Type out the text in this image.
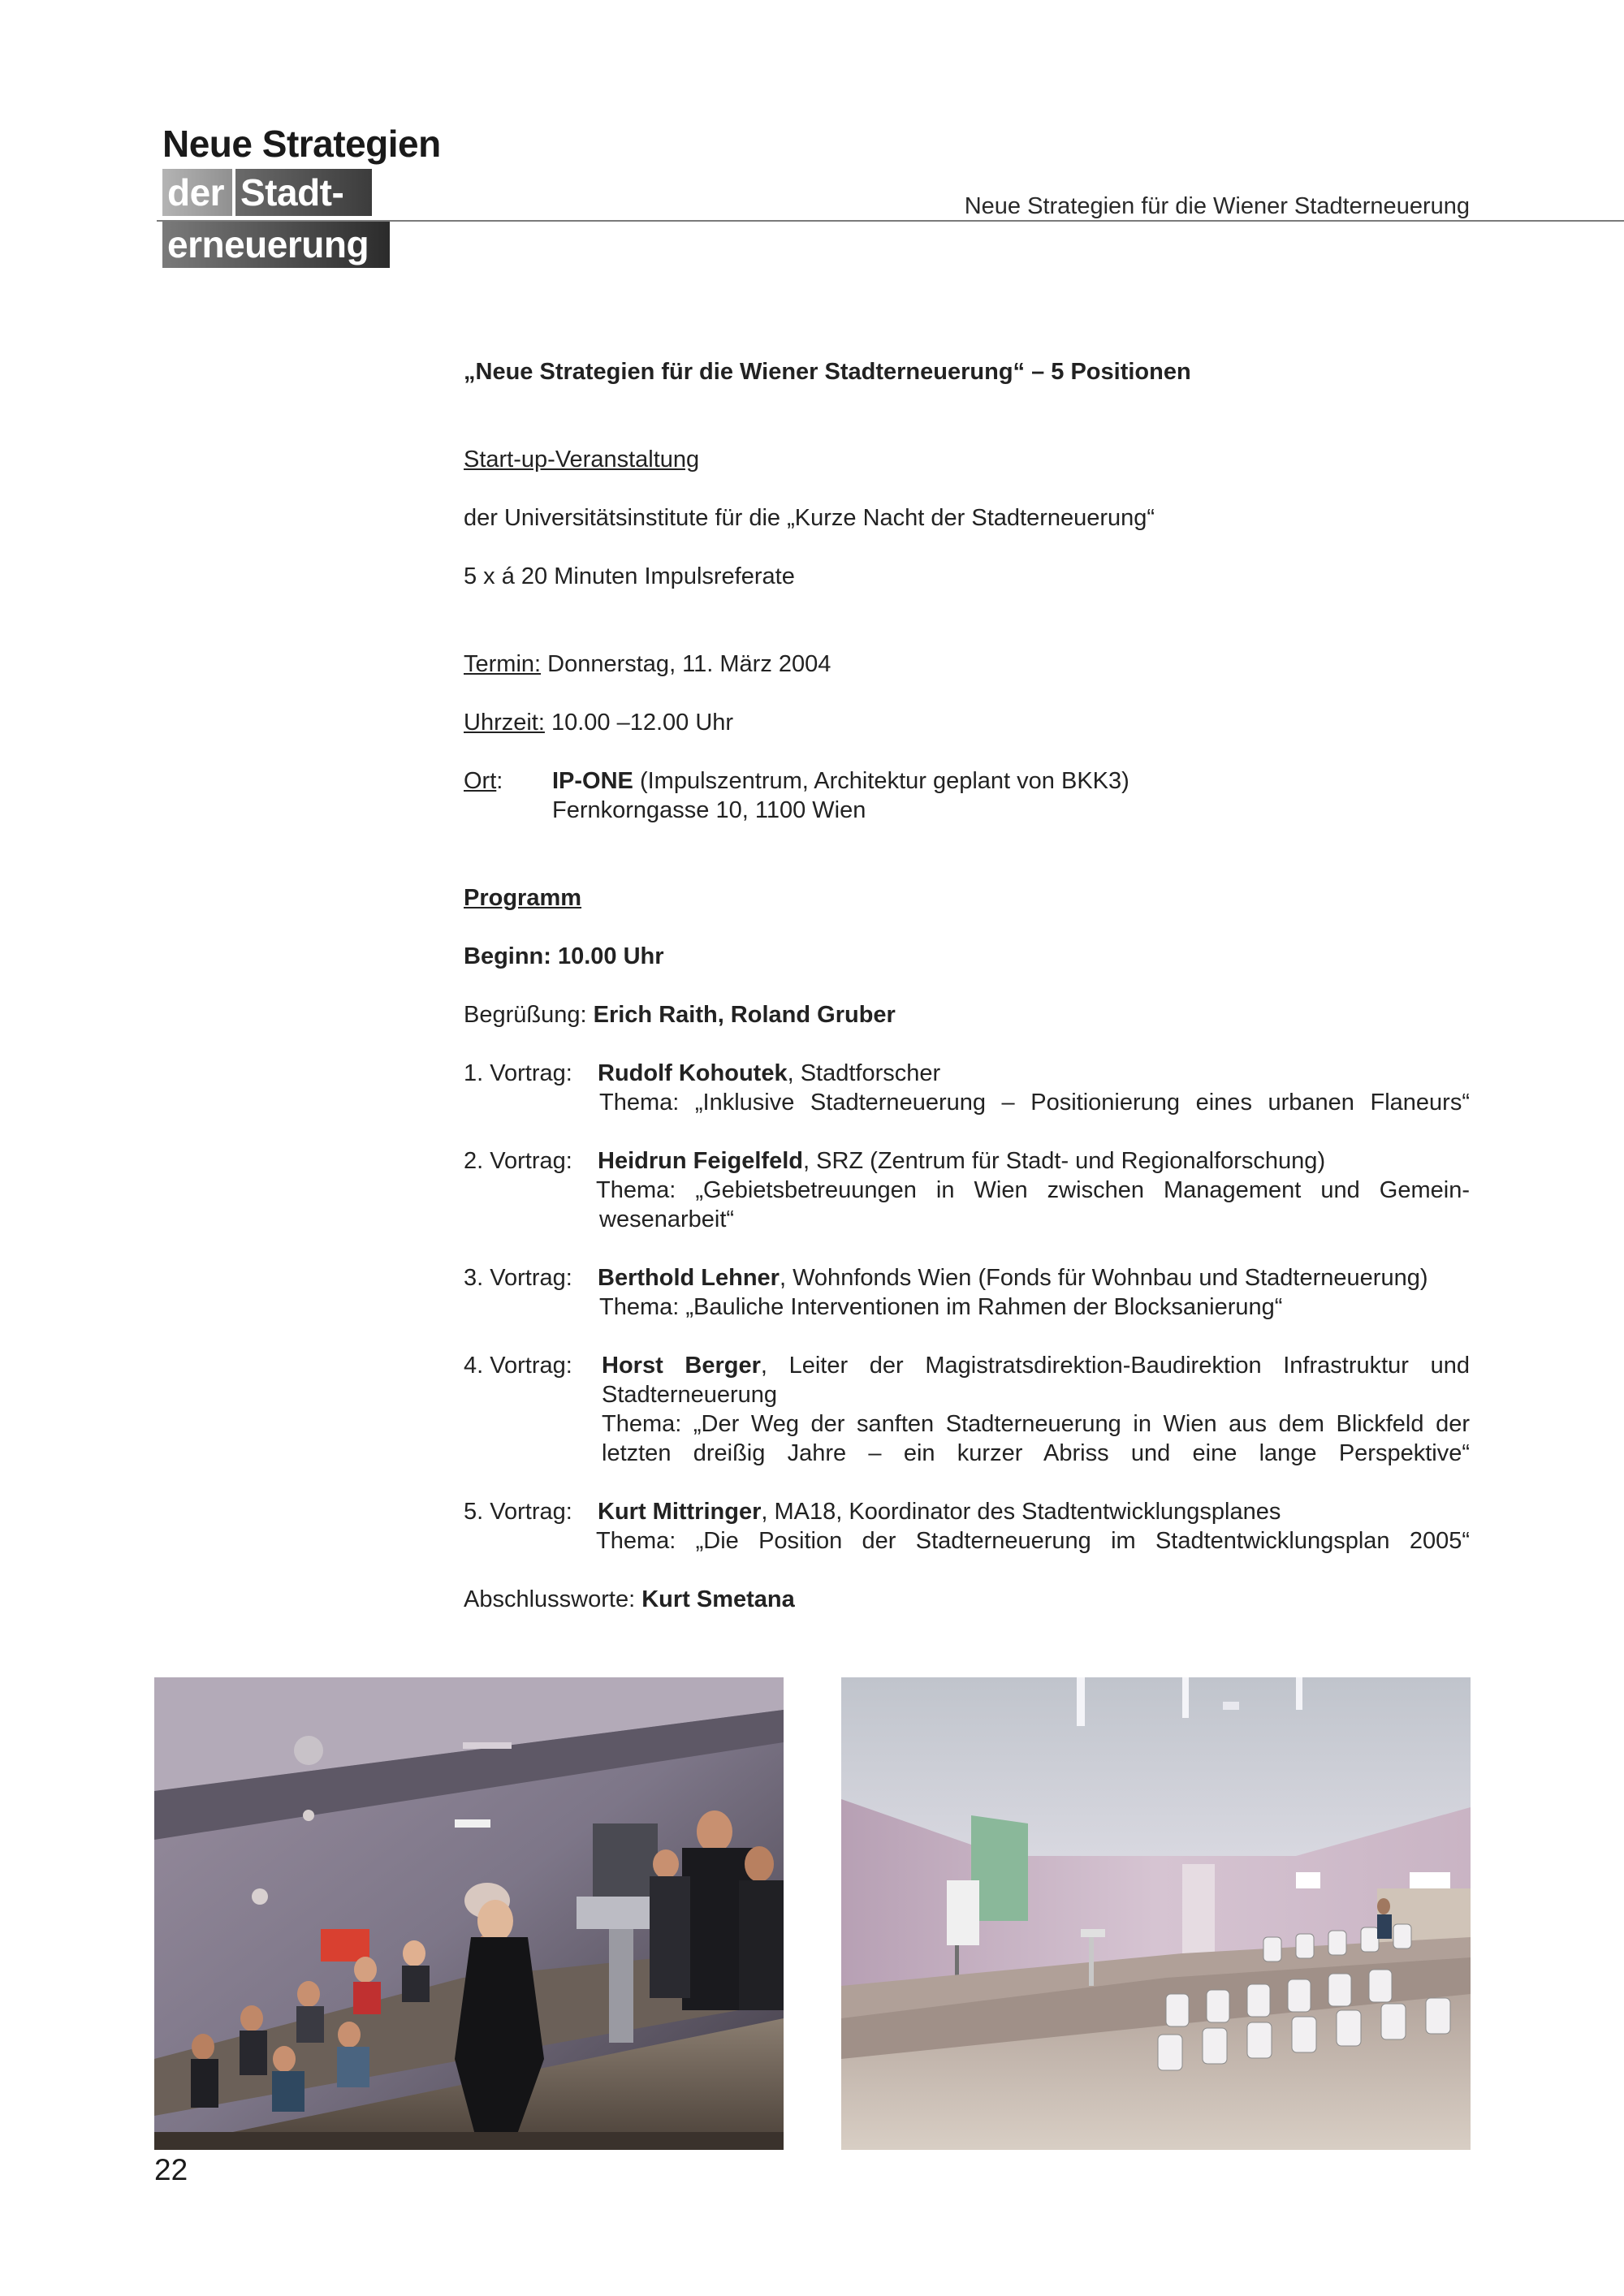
Neue Strategien
der Stadt-
erneuerung
Neue Strategien für die Wiener Stadterneuerung

„Neue Strategien für die Wiener Stadterneuerung“ – 5 Positionen

Start-up-Veranstaltung

der Universitätsinstitute für die „Kurze Nacht der Stadterneuerung“

5 x á 20 Minuten Impulsreferate

Termin: Donnerstag, 11. März 2004

Uhrzeit: 10.00 –12.00 Uhr

Ort: IP-ONE (Impulszentrum, Architektur geplant von BKK3)

Fernkorngasse 10, 1100 Wien

Programm

Beginn: 10.00 Uhr

Begrüßung: Erich Raith, Roland Gruber

1. Vortrag: Rudolf Kohoutek, Stadtforscher

Thema: „Inklusive Stadterneuerung – Positionierung eines urbanen Flaneurs“

2. Vortrag: Heidrun Feigelfeld, SRZ (Zentrum für Stadt- und Regionalforschung)

Thema: „Gebietsbetreuungen in Wien zwischen Management und Gemein-

wesenarbeit“

3. Vortrag: Berthold Lehner, Wohnfonds Wien (Fonds für Wohnbau und Stadterneuerung)

Thema: „Bauliche Interventionen im Rahmen der Blocksanierung“

4. Vortrag: Horst Berger, Leiter der Magistratsdirektion-Baudirektion Infrastruktur und

Stadterneuerung

Thema: „Der Weg der sanften Stadterneuerung in Wien aus dem Blickfeld der

letzten dreißig Jahre – ein kurzer Abriss und eine lange Perspektive“

5. Vortrag: Kurt Mittringer, MA18, Koordinator des Stadtentwicklungsplanes

Thema: „Die Position der Stadterneuerung im Stadtentwicklungsplan 2005“

Abschlussworte: Kurt Smetana

22
